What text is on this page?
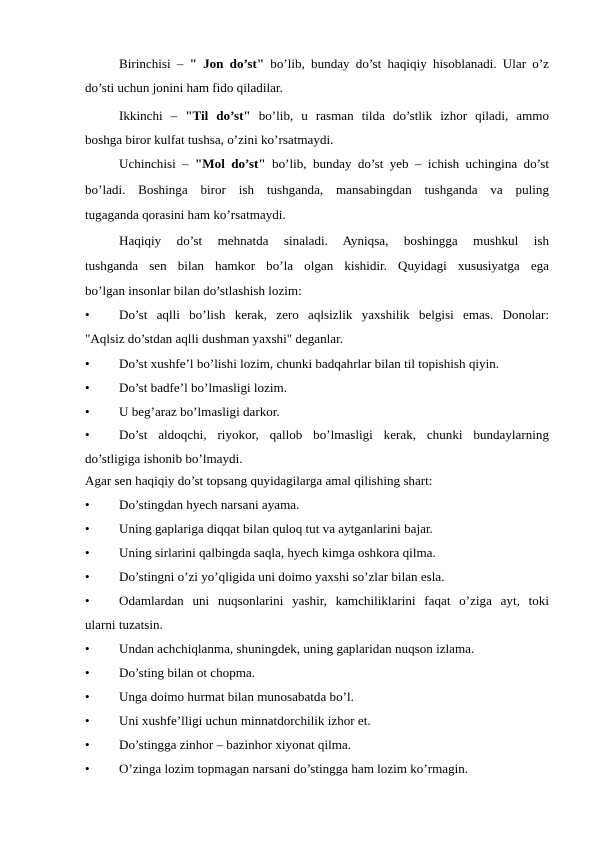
Birinchisi – " Jon do’st" bo’lib, bunday do’st haqiqiy hisoblanadi. Ular o’z
do’sti uchun jonini ham fido qiladilar.
Ikkinchi – "Til do’st" bo’lib, u rasman tilda do’stlik izhor qiladi, ammo
boshga biror kulfat tushsa, o’zini ko’rsatmaydi.
Uchinchisi – "Mol do’st" bo’lib, bunday do’st yeb – ichish uchingina do’st
bo’ladi. Boshinga biror ish tushganda, mansabingdan tushganda va puling
tugaganda qorasini ham ko’rsatmaydi.
Haqiqiy do’st mehnatda sinaladi. Ayniqsa, boshingga mushkul ish
tushganda sen bilan hamkor bo’la olgan kishidir. Quyidagi xususiyatga ega
bo’lgan insonlar bilan do’stlashish lozim:
• Do’st aqlli bo’lish kerak, zero aqlsizlik yaxshilik belgisi emas. Donolar:
"Aqlsiz do’stdan aqlli dushman yaxshi" deganlar.
• Do’st xushfe’l bo’lishi lozim, chunki badqahrlar bilan til topishish qiyin.
• Do’st badfe’l bo’lmasligi lozim.
• U beg’araz bo’lmasligi darkor.
• Do’st aldoqchi, riyokor, qallob bo’lmasligi kerak, chunki bundaylarning
do’stligiga ishonib bo’lmaydi.
Agar sen haqiqiy do’st topsang quyidagilarga amal qilishing shart:
• Do’stingdan hyech narsani ayama.
• Uning gaplariga diqqat bilan quloq tut va aytganlarini bajar.
• Uning sirlarini qalbingda saqla, hyech kimga oshkora qilma.
• Do’stingni o’zi yo’qligida uni doimo yaxshi so’zlar bilan esla.
• Odamlardan uni nuqsonlarini yashir, kamchiliklarini faqat o’ziga ayt, toki
ularni tuzatsin.
• Undan achchiqlanma, shuningdek, uning gaplaridan nuqson izlama.
• Do’sting bilan ot chopma.
• Unga doimo hurmat bilan munosabatda bo’l.
• Uni xushfe’lligi uchun minnatdorchilik izhor et.
• Do’stingga zinhor – bazinhor xiyonat qilma.
• O’zinga lozim topmagan narsani do’stingga ham lozim ko’rmagin.
